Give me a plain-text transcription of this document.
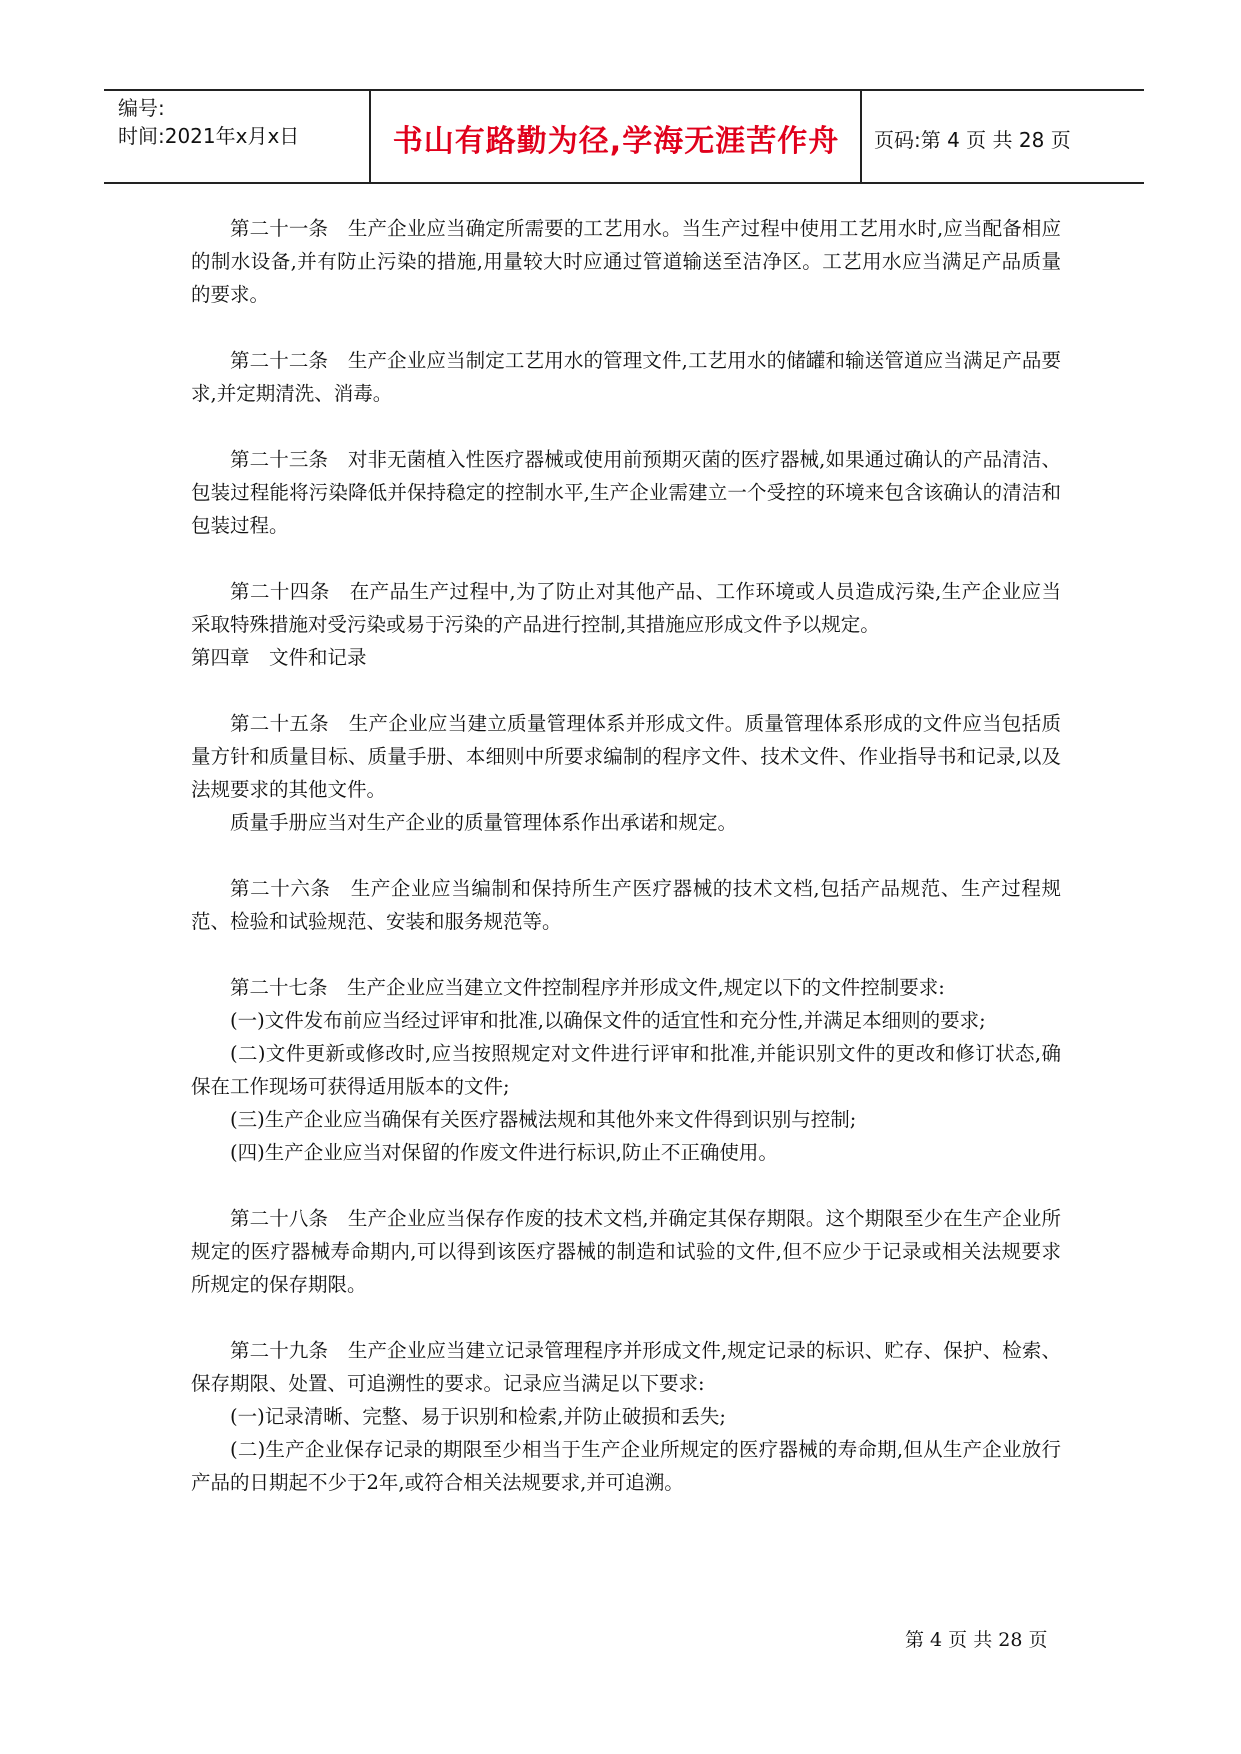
编号:
时间:2021年x月x日	书山有路勤为径,学海无涯苦作舟	页码:第 4 页 共 28 页

第二十一条　生产企业应当确定所需要的工艺用水。当生产过程中使用工艺用水时,应当配备相应的制水设备,并有防止污染的措施,用量较大时应通过管道输送至洁净区。工艺用水应当满足产品质量的要求。

第二十二条　生产企业应当制定工艺用水的管理文件,工艺用水的储罐和输送管道应当满足产品要求,并定期清洗、消毒。

第二十三条　对非无菌植入性医疗器械或使用前预期灭菌的医疗器械,如果通过确认的产品清洁、包装过程能将污染降低并保持稳定的控制水平,生产企业需建立一个受控的环境来包含该确认的清洁和包装过程。

第二十四条　在产品生产过程中,为了防止对其他产品、工作环境或人员造成污染,生产企业应当采取特殊措施对受污染或易于污染的产品进行控制,其措施应形成文件予以规定。

第四章　文件和记录

第二十五条　生产企业应当建立质量管理体系并形成文件。质量管理体系形成的文件应当包括质量方针和质量目标、质量手册、本细则中所要求编制的程序文件、技术文件、作业指导书和记录,以及法规要求的其他文件。

质量手册应当对生产企业的质量管理体系作出承诺和规定。

第二十六条　生产企业应当编制和保持所生产医疗器械的技术文档,包括产品规范、生产过程规范、检验和试验规范、安装和服务规范等。

第二十七条　生产企业应当建立文件控制程序并形成文件,规定以下的文件控制要求:

(一)文件发布前应当经过评审和批准,以确保文件的适宜性和充分性,并满足本细则的要求;

(二)文件更新或修改时,应当按照规定对文件进行评审和批准,并能识别文件的更改和修订状态,确保在工作现场可获得适用版本的文件;

(三)生产企业应当确保有关医疗器械法规和其他外来文件得到识别与控制;

(四)生产企业应当对保留的作废文件进行标识,防止不正确使用。

第二十八条　生产企业应当保存作废的技术文档,并确定其保存期限。这个期限至少在生产企业所规定的医疗器械寿命期内,可以得到该医疗器械的制造和试验的文件,但不应少于记录或相关法规要求所规定的保存期限。

第二十九条　生产企业应当建立记录管理程序并形成文件,规定记录的标识、贮存、保护、检索、保存期限、处置、可追溯性的要求。记录应当满足以下要求:

(一)记录清晰、完整、易于识别和检索,并防止破损和丢失;

(二)生产企业保存记录的期限至少相当于生产企业所规定的医疗器械的寿命期,但从生产企业放行产品的日期起不少于2年,或符合相关法规要求,并可追溯。

第 4 页 共 28 页
